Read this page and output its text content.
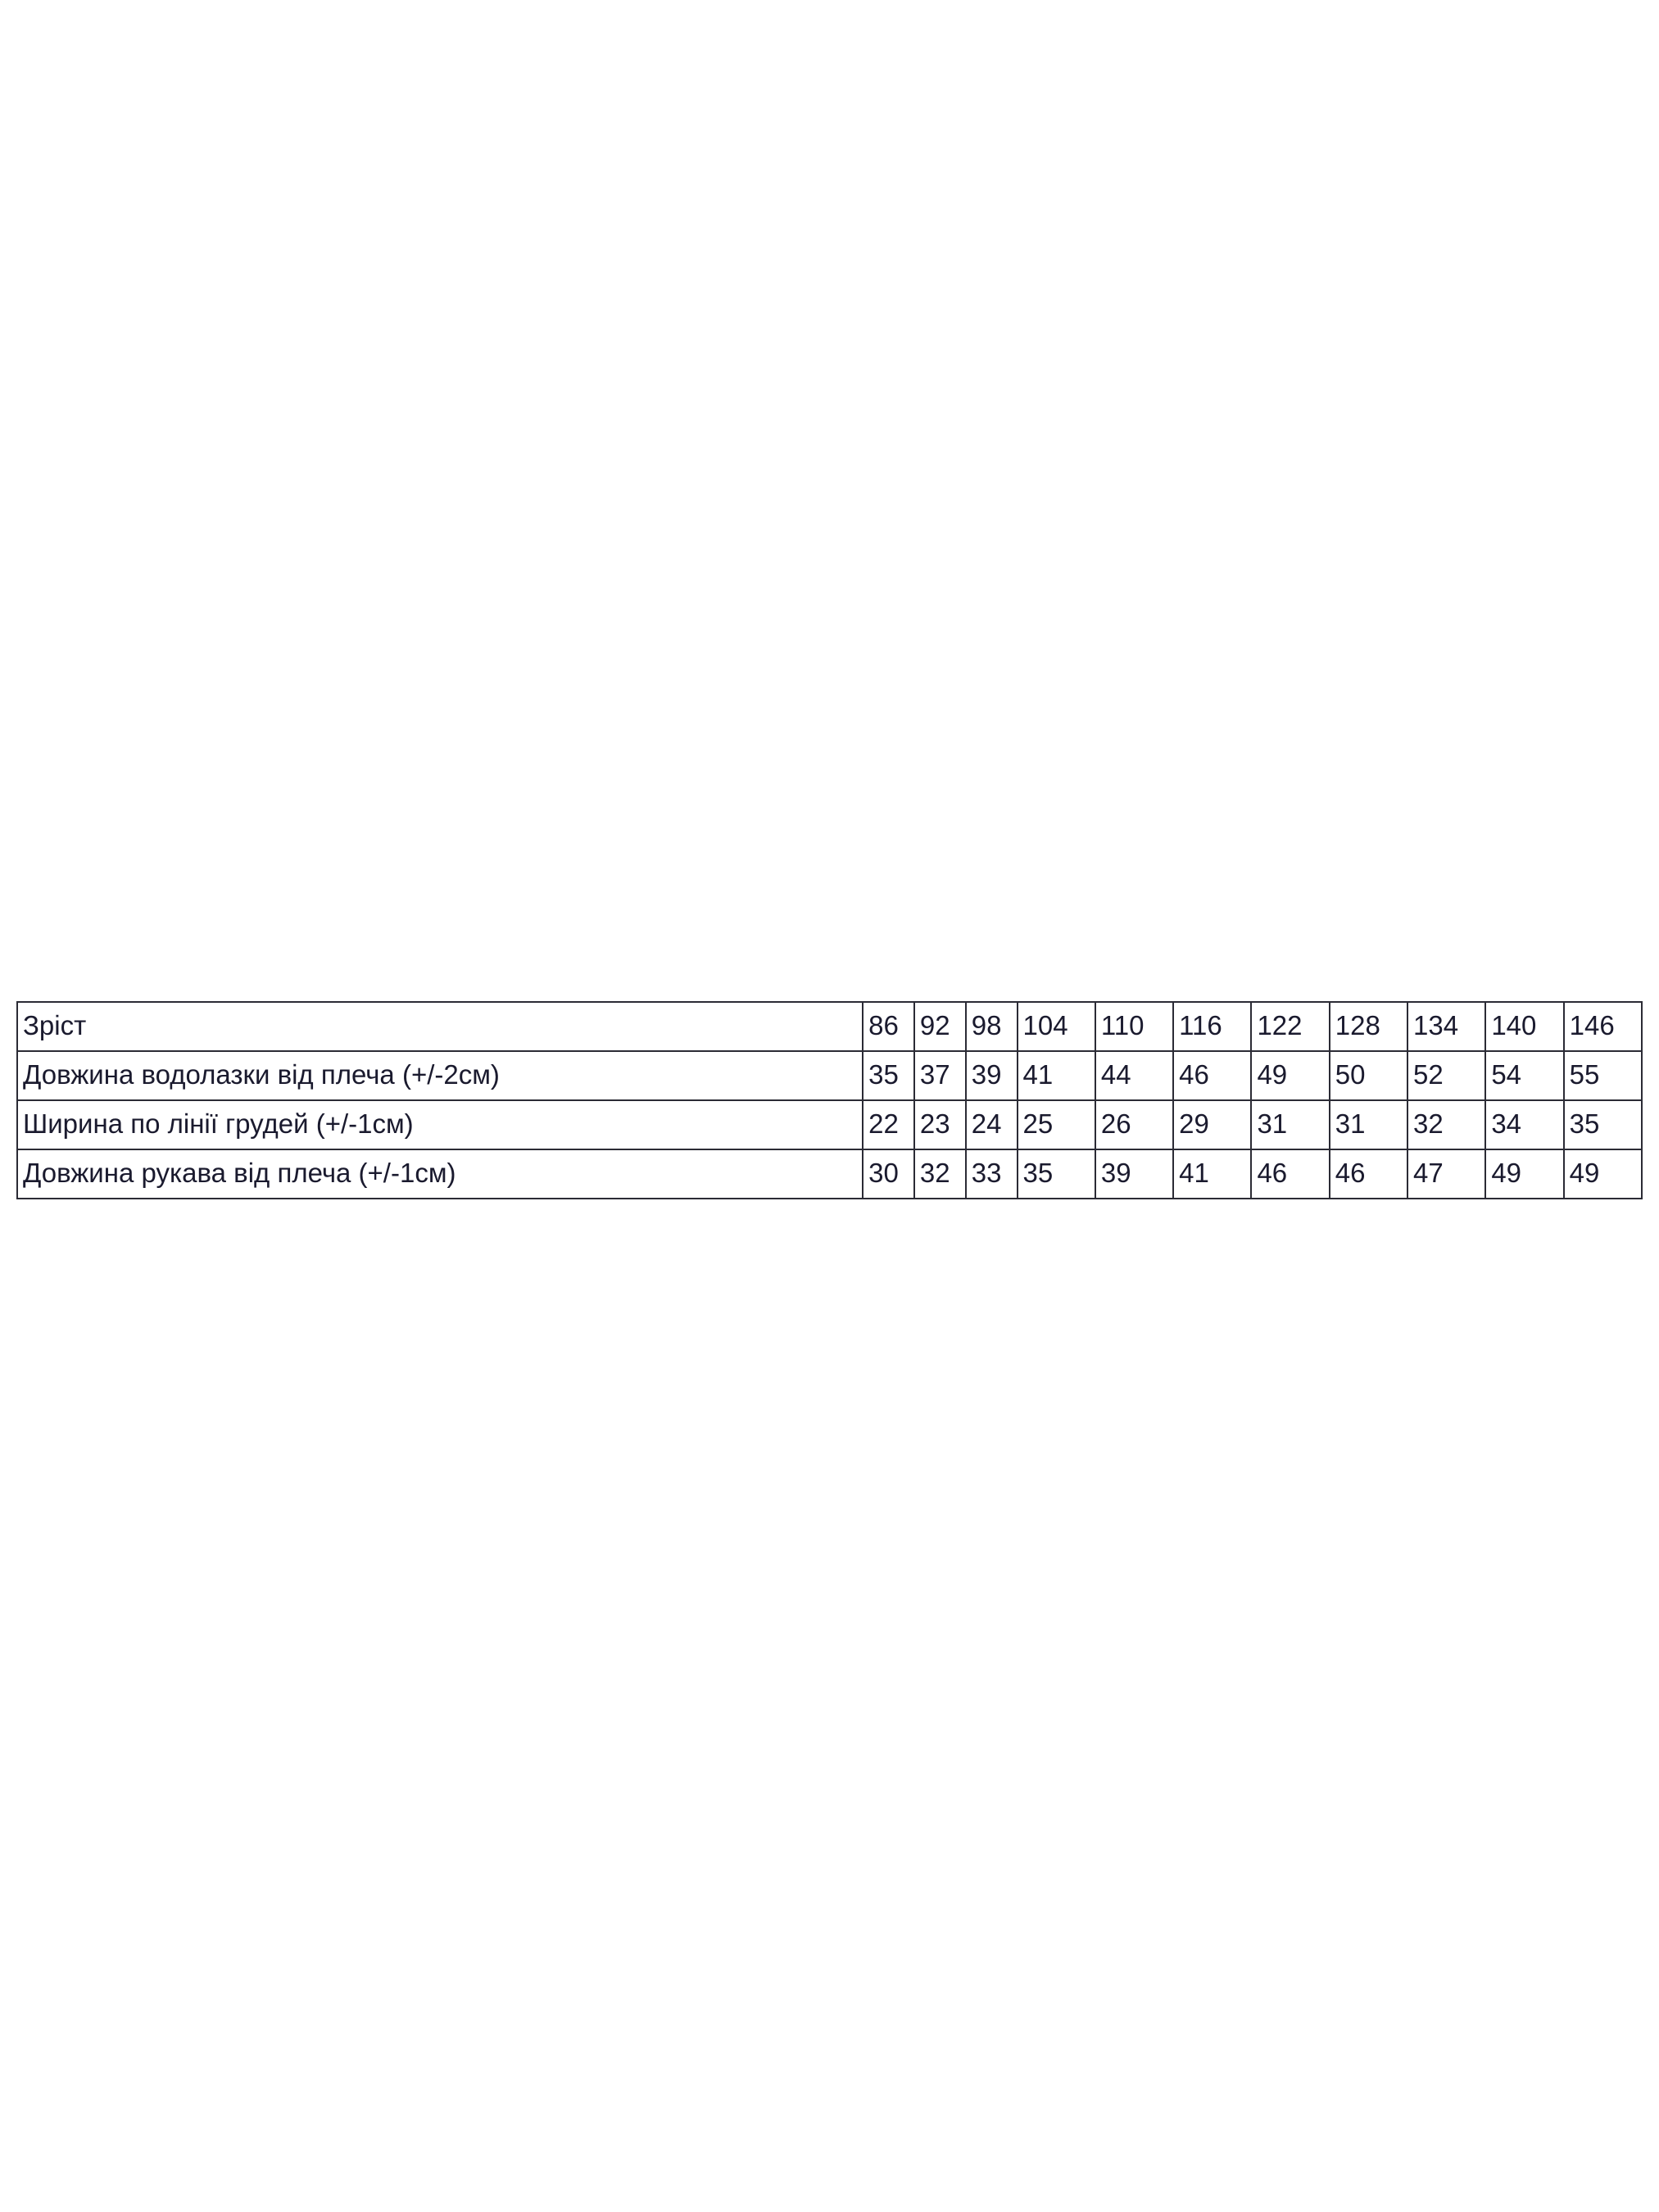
Зріст	86	92	98	104	110	116	122	128	134	140	146
Довжина водолазки від плеча (+/-2см)	35	37	39	41	44	46	49	50	52	54	55
Ширина по лінії грудей (+/-1см)	22	23	24	25	26	29	31	31	32	34	35
Довжина рукава від плеча (+/-1см)	30	32	33	35	39	41	46	46	47	49	49
